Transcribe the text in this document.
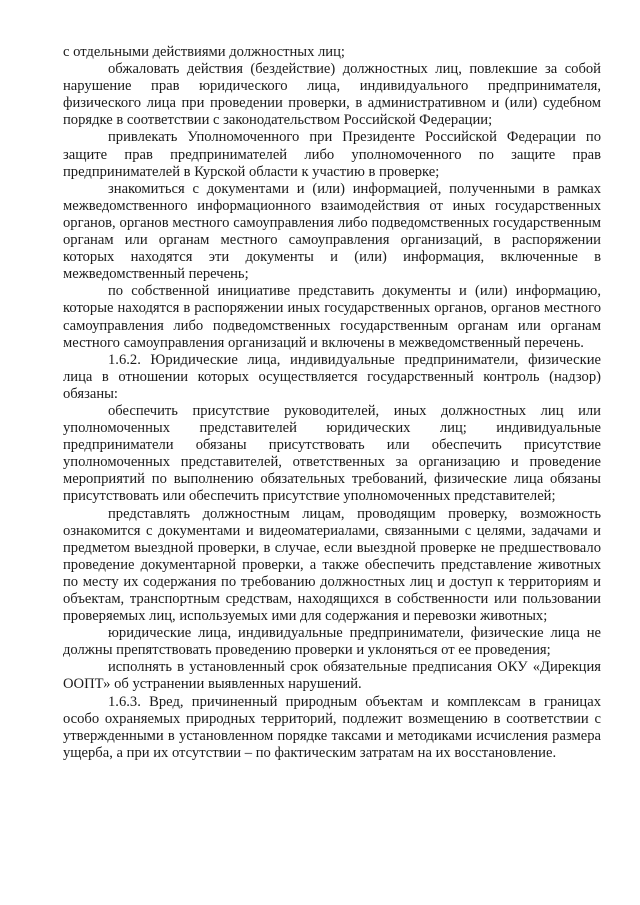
с отдельными действиями должностных лиц;

обжаловать действия (бездействие) должностных лиц, повлекшие за собой нарушение прав юридического лица, индивидуального предпринимателя, физического лица при проведении проверки, в административном и (или) судебном порядке в соответствии с законодательством Российской Федерации;

привлекать Уполномоченного при Президенте Российской Федерации по защите прав предпринимателей либо уполномоченного по защите прав предпринимателей в Курской области к участию в проверке;

знакомиться с документами и (или) информацией, полученными в рамках межведомственного информационного взаимодействия от иных государственных органов, органов местного самоуправления либо подведомственных государственным органам или органам местного самоуправления организаций, в распоряжении которых находятся эти документы и (или) информация, включенные в межведомственный перечень;

по собственной инициативе представить документы и (или) информацию, которые находятся в распоряжении иных государственных органов, органов местного самоуправления либо подведомственных государственным органам или органам местного самоуправления организаций и включены в межведомственный перечень.

1.6.2. Юридические лица, индивидуальные предприниматели, физические лица в отношении которых осуществляется государственный контроль (надзор) обязаны:

обеспечить присутствие руководителей, иных должностных лиц или уполномоченных представителей юридических лиц; индивидуальные предприниматели обязаны присутствовать или обеспечить присутствие уполномоченных представителей, ответственных за организацию и проведение мероприятий по выполнению обязательных требований, физические лица обязаны присутствовать или обеспечить присутствие уполномоченных представителей;

представлять должностным лицам, проводящим проверку, возможность ознакомится с документами и видеоматериалами, связанными с целями, задачами и предметом выездной проверки, в случае, если выездной проверке не предшествовало проведение документарной проверки, а также обеспечить представление животных по месту их содержания по требованию должностных лиц и доступ к территориям и объектам, транспортным средствам, находящихся в собственности или пользовании проверяемых лиц, используемых ими для содержания и перевозки животных;

юридические лица, индивидуальные предприниматели, физические лица не должны препятствовать проведению проверки и уклоняться от ее проведения;

исполнять в установленный срок обязательные предписания ОКУ «Дирекция ООПТ» об устранении выявленных нарушений.

1.6.3. Вред, причиненный природным объектам и комплексам в границах особо охраняемых природных территорий, подлежит возмещению в соответствии с утвержденными в установленном порядке таксами и методиками исчисления размера ущерба, а при их отсутствии – по фактическим затратам на их восстановление.
